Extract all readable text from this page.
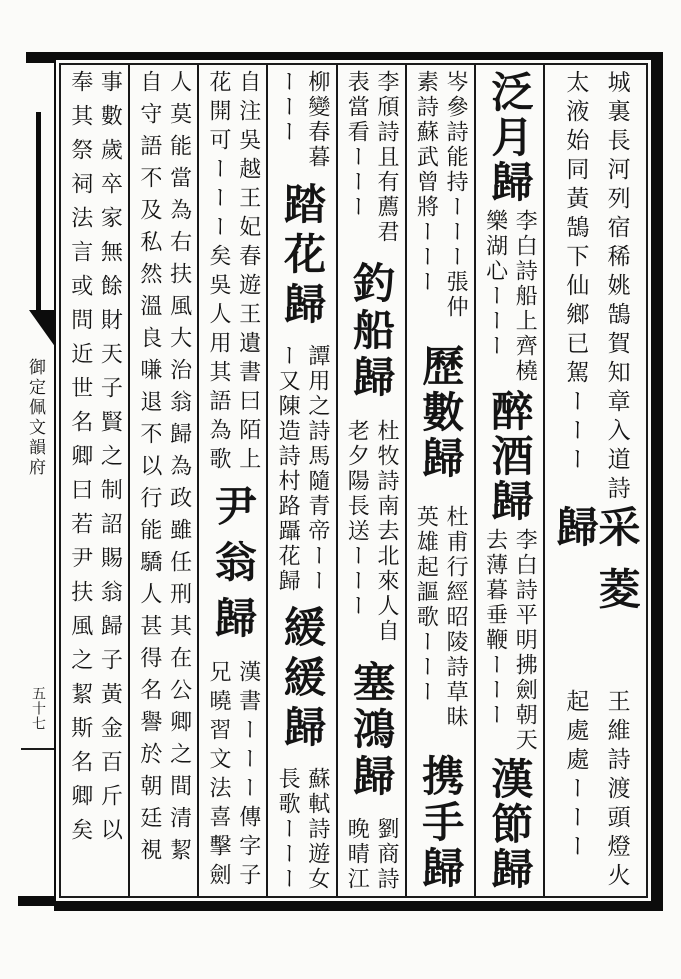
御定佩文韻府
五十七
城裏長河列宿稀姚鵠賀知章入道詩
太液始同黃鵠下仙鄉已駕ーーー
采菱歸
王維詩渡頭燈火
起處處ーーー
泛月歸
李白詩船上齊橈
樂湖心ーーー
醉酒歸
李白詩平明拂劍朝天
去薄暮垂鞭ーーー
漢節歸
岑參詩能持ーーー張仲
素詩蘇武曾將ーーー
歷數歸
杜甫行經昭陵詩草昧
英雄起謳歌ーーー
携手歸
李頎詩且有薦君
表當看ーーー
釣船歸
杜牧詩南去北來人自
老夕陽長送ーーー
塞鴻歸
劉商詩
晚晴江
柳變春暮
ーーー
踏花歸
譚用之詩馬隨青帝ーー
ー又陳造詩村路躡花歸
緩緩歸
蘇軾詩遊女
長歌ーーー
自注吳越王妃春遊王遺書曰陌上
花開可ーーー矣吳人用其語為歌
尹翁歸
漢書ーーー傳字子
兄曉習文法喜擊劍
人莫能當為右扶風大治翁歸為政雖任刑其在公卿之間清絜
自守語不及私然溫良嗛退不以行能驕人甚得名譽於朝廷視
事數歲卒家無餘財天子賢之制詔賜翁歸子黃金百斤以
奉其祭祠法言或問近世名卿曰若尹扶風之絜斯名卿矣
